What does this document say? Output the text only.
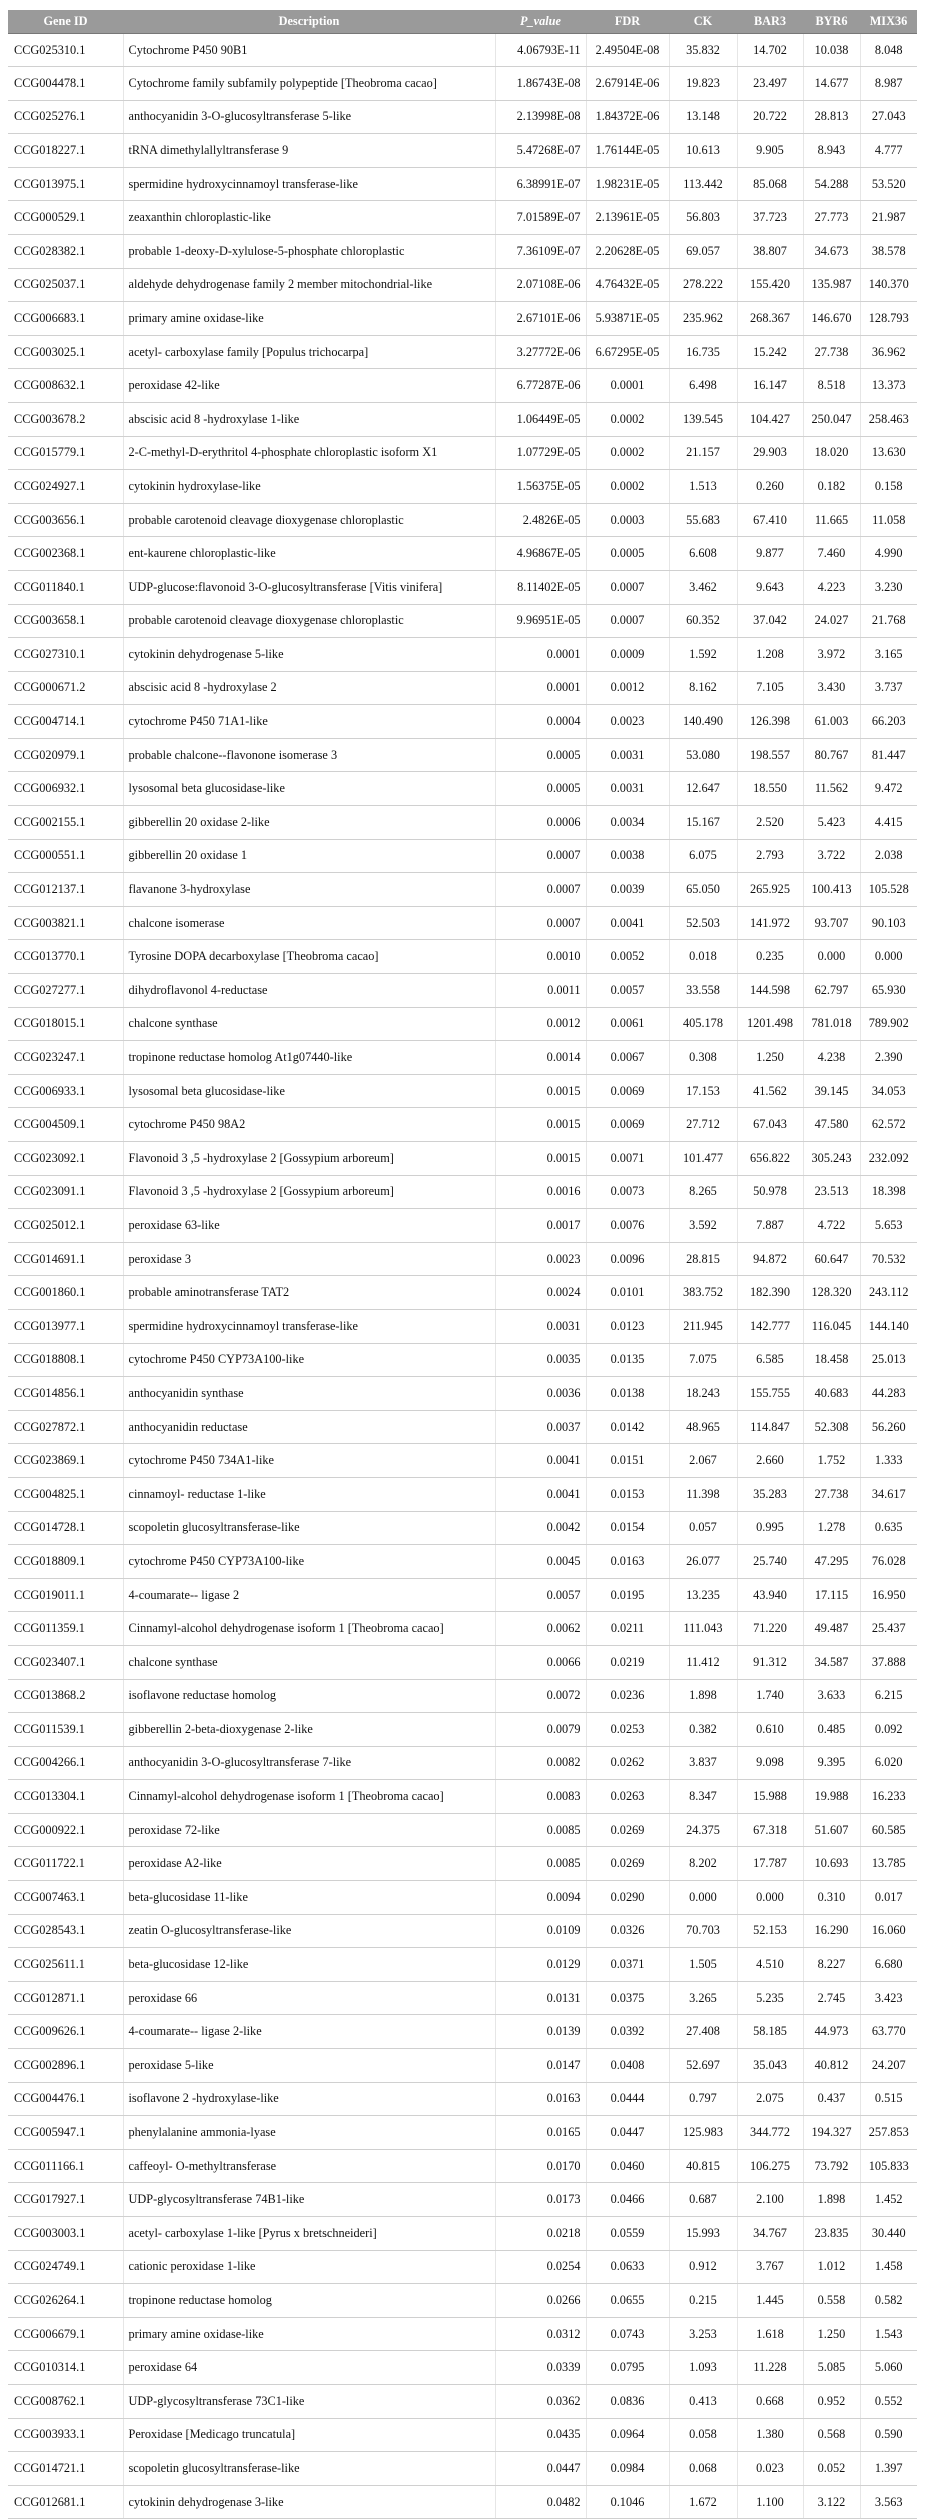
Gene ID	Description	P_value	FDR	CK	BAR3	BYR6	MIX36
CCG025310.1	Cytochrome P450 90B1	4.06793E-11	2.49504E-08	35.832	14.702	10.038	8.048
CCG004478.1	Cytochrome family subfamily polypeptide [Theobroma cacao]	1.86743E-08	2.67914E-06	19.823	23.497	14.677	8.987
CCG025276.1	anthocyanidin 3-O-glucosyltransferase 5-like	2.13998E-08	1.84372E-06	13.148	20.722	28.813	27.043
CCG018227.1	tRNA dimethylallyltransferase 9	5.47268E-07	1.76144E-05	10.613	9.905	8.943	4.777
CCG013975.1	spermidine hydroxycinnamoyl transferase-like	6.38991E-07	1.98231E-05	113.442	85.068	54.288	53.520
CCG000529.1	zeaxanthin chloroplastic-like	7.01589E-07	2.13961E-05	56.803	37.723	27.773	21.987
CCG028382.1	probable 1-deoxy-D-xylulose-5-phosphate chloroplastic	7.36109E-07	2.20628E-05	69.057	38.807	34.673	38.578
CCG025037.1	aldehyde dehydrogenase family 2 member mitochondrial-like	2.07108E-06	4.76432E-05	278.222	155.420	135.987	140.370
CCG006683.1	primary amine oxidase-like	2.67101E-06	5.93871E-05	235.962	268.367	146.670	128.793
CCG003025.1	acetyl- carboxylase family [Populus trichocarpa]	3.27772E-06	6.67295E-05	16.735	15.242	27.738	36.962
CCG008632.1	peroxidase 42-like	6.77287E-06	0.0001	6.498	16.147	8.518	13.373
CCG003678.2	abscisic acid 8 -hydroxylase 1-like	1.06449E-05	0.0002	139.545	104.427	250.047	258.463
CCG015779.1	2-C-methyl-D-erythritol 4-phosphate chloroplastic isoform X1	1.07729E-05	0.0002	21.157	29.903	18.020	13.630
CCG024927.1	cytokinin hydroxylase-like	1.56375E-05	0.0002	1.513	0.260	0.182	0.158
CCG003656.1	probable carotenoid cleavage dioxygenase chloroplastic	2.4826E-05	0.0003	55.683	67.410	11.665	11.058
CCG002368.1	ent-kaurene chloroplastic-like	4.96867E-05	0.0005	6.608	9.877	7.460	4.990
CCG011840.1	UDP-glucose:flavonoid 3-O-glucosyltransferase [Vitis vinifera]	8.11402E-05	0.0007	3.462	9.643	4.223	3.230
CCG003658.1	probable carotenoid cleavage dioxygenase chloroplastic	9.96951E-05	0.0007	60.352	37.042	24.027	21.768
CCG027310.1	cytokinin dehydrogenase 5-like	0.0001	0.0009	1.592	1.208	3.972	3.165
CCG000671.2	abscisic acid 8 -hydroxylase 2	0.0001	0.0012	8.162	7.105	3.430	3.737
CCG004714.1	cytochrome P450 71A1-like	0.0004	0.0023	140.490	126.398	61.003	66.203
CCG020979.1	probable chalcone--flavonone isomerase 3	0.0005	0.0031	53.080	198.557	80.767	81.447
CCG006932.1	lysosomal beta glucosidase-like	0.0005	0.0031	12.647	18.550	11.562	9.472
CCG002155.1	gibberellin 20 oxidase 2-like	0.0006	0.0034	15.167	2.520	5.423	4.415
CCG000551.1	gibberellin 20 oxidase 1	0.0007	0.0038	6.075	2.793	3.722	2.038
CCG012137.1	flavanone 3-hydroxylase	0.0007	0.0039	65.050	265.925	100.413	105.528
CCG003821.1	chalcone isomerase	0.0007	0.0041	52.503	141.972	93.707	90.103
CCG013770.1	Tyrosine DOPA decarboxylase [Theobroma cacao]	0.0010	0.0052	0.018	0.235	0.000	0.000
CCG027277.1	dihydroflavonol 4-reductase	0.0011	0.0057	33.558	144.598	62.797	65.930
CCG018015.1	chalcone synthase	0.0012	0.0061	405.178	1201.498	781.018	789.902
CCG023247.1	tropinone reductase homolog At1g07440-like	0.0014	0.0067	0.308	1.250	4.238	2.390
CCG006933.1	lysosomal beta glucosidase-like	0.0015	0.0069	17.153	41.562	39.145	34.053
CCG004509.1	cytochrome P450 98A2	0.0015	0.0069	27.712	67.043	47.580	62.572
CCG023092.1	Flavonoid 3 ,5 -hydroxylase 2 [Gossypium arboreum]	0.0015	0.0071	101.477	656.822	305.243	232.092
CCG023091.1	Flavonoid 3 ,5 -hydroxylase 2 [Gossypium arboreum]	0.0016	0.0073	8.265	50.978	23.513	18.398
CCG025012.1	peroxidase 63-like	0.0017	0.0076	3.592	7.887	4.722	5.653
CCG014691.1	peroxidase 3	0.0023	0.0096	28.815	94.872	60.647	70.532
CCG001860.1	probable aminotransferase TAT2	0.0024	0.0101	383.752	182.390	128.320	243.112
CCG013977.1	spermidine hydroxycinnamoyl transferase-like	0.0031	0.0123	211.945	142.777	116.045	144.140
CCG018808.1	cytochrome P450 CYP73A100-like	0.0035	0.0135	7.075	6.585	18.458	25.013
CCG014856.1	anthocyanidin synthase	0.0036	0.0138	18.243	155.755	40.683	44.283
CCG027872.1	anthocyanidin reductase	0.0037	0.0142	48.965	114.847	52.308	56.260
CCG023869.1	cytochrome P450 734A1-like	0.0041	0.0151	2.067	2.660	1.752	1.333
CCG004825.1	cinnamoyl- reductase 1-like	0.0041	0.0153	11.398	35.283	27.738	34.617
CCG014728.1	scopoletin glucosyltransferase-like	0.0042	0.0154	0.057	0.995	1.278	0.635
CCG018809.1	cytochrome P450 CYP73A100-like	0.0045	0.0163	26.077	25.740	47.295	76.028
CCG019011.1	4-coumarate-- ligase 2	0.0057	0.0195	13.235	43.940	17.115	16.950
CCG011359.1	Cinnamyl-alcohol dehydrogenase isoform 1 [Theobroma cacao]	0.0062	0.0211	111.043	71.220	49.487	25.437
CCG023407.1	chalcone synthase	0.0066	0.0219	11.412	91.312	34.587	37.888
CCG013868.2	isoflavone reductase homolog	0.0072	0.0236	1.898	1.740	3.633	6.215
CCG011539.1	gibberellin 2-beta-dioxygenase 2-like	0.0079	0.0253	0.382	0.610	0.485	0.092
CCG004266.1	anthocyanidin 3-O-glucosyltransferase 7-like	0.0082	0.0262	3.837	9.098	9.395	6.020
CCG013304.1	Cinnamyl-alcohol dehydrogenase isoform 1 [Theobroma cacao]	0.0083	0.0263	8.347	15.988	19.988	16.233
CCG000922.1	peroxidase 72-like	0.0085	0.0269	24.375	67.318	51.607	60.585
CCG011722.1	peroxidase A2-like	0.0085	0.0269	8.202	17.787	10.693	13.785
CCG007463.1	beta-glucosidase 11-like	0.0094	0.0290	0.000	0.000	0.310	0.017
CCG028543.1	zeatin O-glucosyltransferase-like	0.0109	0.0326	70.703	52.153	16.290	16.060
CCG025611.1	beta-glucosidase 12-like	0.0129	0.0371	1.505	4.510	8.227	6.680
CCG012871.1	peroxidase 66	0.0131	0.0375	3.265	5.235	2.745	3.423
CCG009626.1	4-coumarate-- ligase 2-like	0.0139	0.0392	27.408	58.185	44.973	63.770
CCG002896.1	peroxidase 5-like	0.0147	0.0408	52.697	35.043	40.812	24.207
CCG004476.1	isoflavone 2 -hydroxylase-like	0.0163	0.0444	0.797	2.075	0.437	0.515
CCG005947.1	phenylalanine ammonia-lyase	0.0165	0.0447	125.983	344.772	194.327	257.853
CCG011166.1	caffeoyl- O-methyltransferase	0.0170	0.0460	40.815	106.275	73.792	105.833
CCG017927.1	UDP-glycosyltransferase 74B1-like	0.0173	0.0466	0.687	2.100	1.898	1.452
CCG003003.1	acetyl- carboxylase 1-like [Pyrus x bretschneideri]	0.0218	0.0559	15.993	34.767	23.835	30.440
CCG024749.1	cationic peroxidase 1-like	0.0254	0.0633	0.912	3.767	1.012	1.458
CCG026264.1	tropinone reductase homolog	0.0266	0.0655	0.215	1.445	0.558	0.582
CCG006679.1	primary amine oxidase-like	0.0312	0.0743	3.253	1.618	1.250	1.543
CCG010314.1	peroxidase 64	0.0339	0.0795	1.093	11.228	5.085	5.060
CCG008762.1	UDP-glycosyltransferase 73C1-like	0.0362	0.0836	0.413	0.668	0.952	0.552
CCG003933.1	Peroxidase [Medicago truncatula]	0.0435	0.0964	0.058	1.380	0.568	0.590
CCG014721.1	scopoletin glucosyltransferase-like	0.0447	0.0984	0.068	0.023	0.052	1.397
CCG012681.1	cytokinin dehydrogenase 3-like	0.0482	0.1046	1.672	1.100	3.122	3.563
